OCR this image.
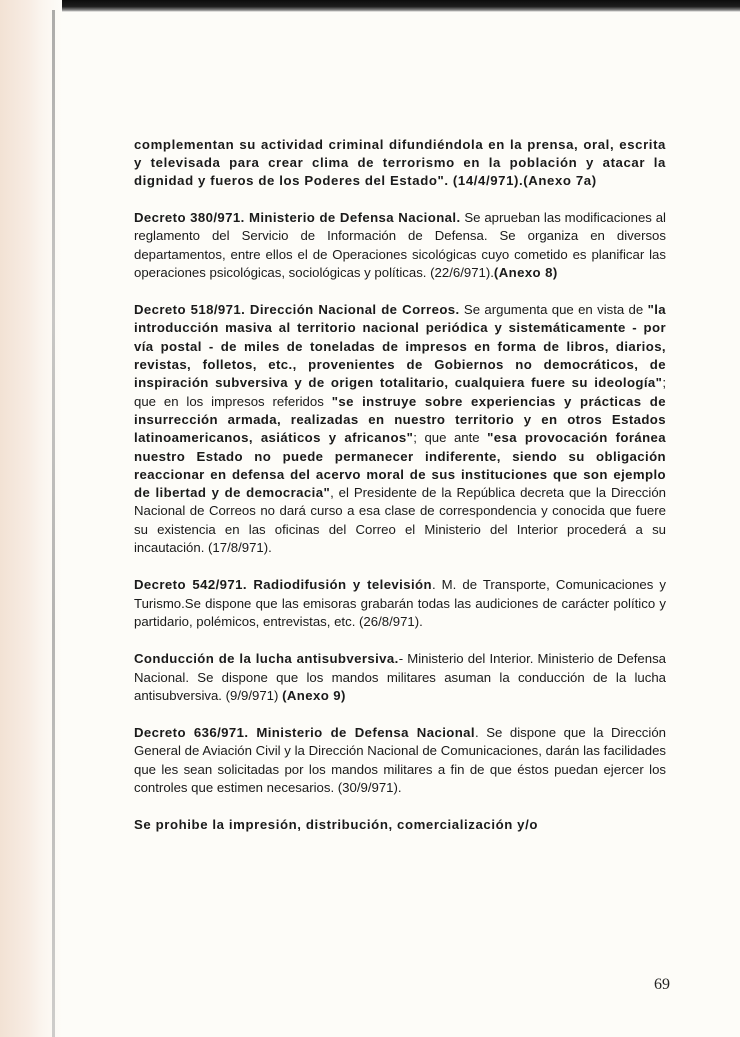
complementan su actividad criminal difundiéndola en la prensa, oral, escrita y televisada para crear clima de terrorismo en la población y atacar la dignidad y fueros de los Poderes del Estado". (14/4/971).(Anexo 7a)

Decreto 380/971. Ministerio de Defensa Nacional. Se aprueban las modificaciones al reglamento del Servicio de Información de Defensa. Se organiza en diversos departamentos, entre ellos el de Operaciones sicológicas cuyo cometido es planificar las operaciones psicológicas, sociológicas y políticas. (22/6/971).(Anexo 8)

Decreto 518/971. Dirección Nacional de Correos. Se argumenta que en vista de "la introducción masiva al territorio nacional periódica y sistemáticamente - por vía postal - de miles de toneladas de impresos en forma de libros, diarios, revistas, folletos, etc., provenientes de Gobiernos no democráticos, de inspiración subversiva y de origen totalitario, cualquiera fuere su ideología"; que en los impresos referidos "se instruye sobre experiencias y prácticas de insurrección armada, realizadas en nuestro territorio y en otros Estados latinoamericanos, asiáticos y africanos"; que ante "esa provocación foránea nuestro Estado no puede permanecer indiferente, siendo su obligación reaccionar en defensa del acervo moral de sus instituciones que son ejemplo de libertad y de democracia", el Presidente de la República decreta que la Dirección Nacional de Correos no dará curso a esa clase de correspondencia y conocida que fuere su existencia en las oficinas del Correo el Ministerio del Interior procederá a su incautación. (17/8/971).

Decreto 542/971. Radiodifusión y televisión. M. de Transporte, Comunicaciones y Turismo.Se dispone que las emisoras grabarán todas las audiciones de carácter político y partidario, polémicos, entrevistas, etc. (26/8/971).

Conducción de la lucha antisubversiva.- Ministerio del Interior. Ministerio de Defensa Nacional. Se dispone que los mandos militares asuman la conducción de la lucha antisubversiva. (9/9/971) (Anexo 9)

Decreto 636/971. Ministerio de Defensa Nacional. Se dispone que la Dirección General de Aviación Civil y la Dirección Nacional de Comunicaciones, darán las facilidades que les sean solicitadas por los mandos militares a fin de que éstos puedan ejercer los controles que estimen necesarios. (30/9/971).

Se prohibe la impresión, distribución, comercialización y/o

69
